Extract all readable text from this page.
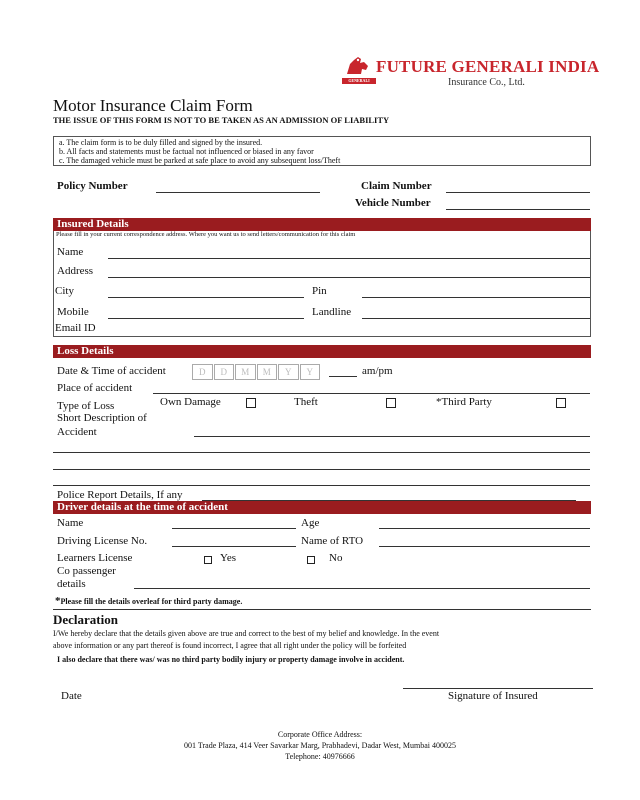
GENERALI
FUTURE GENERALI INDIA
Insurance Co., Ltd.
Motor Insurance Claim Form
THE ISSUE OF THIS FORM IS NOT TO BE TAKEN AS AN ADMISSION OF LIABILITY
a. The claim form is to be duly filled and signed by the insured.
b. All facts and statements must be factual not influenced or biased in any favor
c. The damaged vehicle must be parked at safe place to avoid any subsequent loss/Theft
Policy Number	Claim Number
Vehicle Number
Insured Details
Please fill in your current correspondence address. Where you want us to send letters/communication for this claim
Name
Address
City	Pin
Mobile	Landline
Email ID
Loss Details
Date & Time of accident	D	D	M	M	Y	Y	am/pm
Place of accident
Type of Loss	Own Damage	Theft	*Third Party
Short Description of
Accident
Police Report Details, If any
Driver details at the time of accident
Name	Age
Driving License No.	Name of RTO
Learners License	Yes	No
Co passenger
details
*Please fill the details overleaf for third party damage.
Declaration
I/We hereby declare that the details given above are true and correct to the best of my belief and knowledge. In the event
above information or any part thereof is found incorrect, I agree that all right under the policy will be forfeited
I also declare that there was/ was no third party bodily injury or property damage involve in accident.
Date	Signature of Insured
Corporate Office Address:
001 Trade Plaza, 414 Veer Savarkar Marg, Prabhadevi, Dadar West, Mumbai 400025
Telephone: 40976666
